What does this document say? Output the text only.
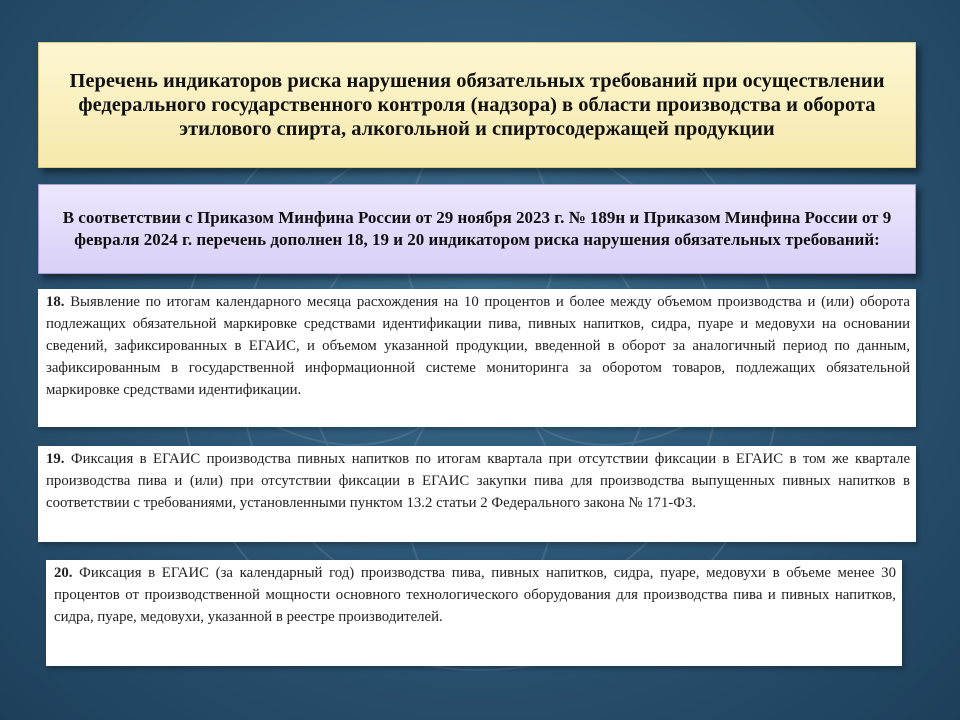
Перечень индикаторов риска нарушения обязательных требований при осуществлении федерального государственного контроля (надзора) в области производства и оборота этилового спирта, алкогольной и спиртосодержащей продукции
В соответствии с Приказом Минфина России от 29 ноября 2023 г. № 189н и Приказом Минфина России от 9 февраля 2024 г. перечень дополнен 18, 19 и 20 индикатором риска нарушения обязательных требований:
18. Выявление по итогам календарного месяца расхождения на 10 процентов и более между объемом производства и (или) оборота подлежащих обязательной маркировке средствами идентификации пива, пивных напитков, сидра, пуаре и медовухи на основании сведений, зафиксированных в ЕГАИС, и объемом указанной продукции, введенной в оборот за аналогичный период по данным, зафиксированным в государственной информационной системе мониторинга за оборотом товаров, подлежащих обязательной маркировке средствами идентификации.
19. Фиксация в ЕГАИС производства пивных напитков по итогам квартала при отсутствии фиксации в ЕГАИС в том же квартале производства пива и (или) при отсутствии фиксации в ЕГАИС закупки пива для производства выпущенных пивных напитков в соответствии с требованиями, установленными пунктом 13.2 статьи 2 Федерального закона № 171-ФЗ.
20. Фиксация в ЕГАИС (за календарный год) производства пива, пивных напитков, сидра, пуаре, медовухи в объеме менее 30 процентов от производственной мощности основного технологического оборудования для производства пива и пивных напитков, сидра, пуаре, медовухи, указанной в реестре производителей.
